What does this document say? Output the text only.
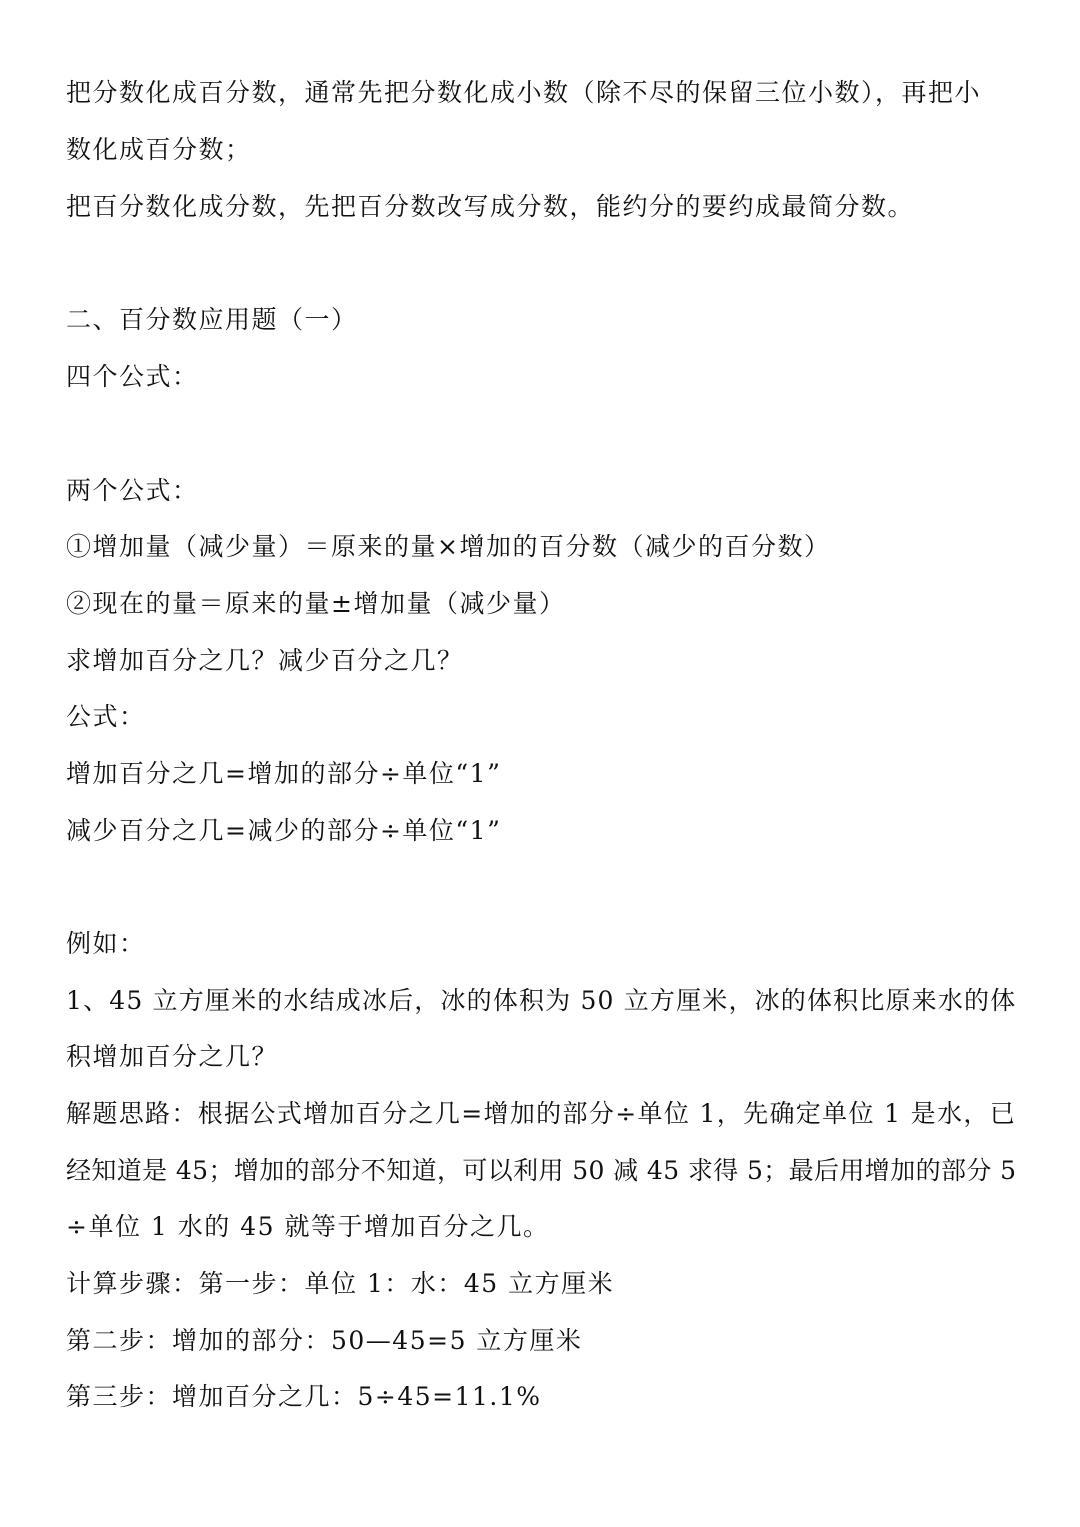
把分数化成百分数，通常先把分数化成小数（除不尽的保留三位小数），再把小
数化成百分数；
把百分数化成分数，先把百分数改写成分数，能约分的要约成最简分数。
二、百分数应用题（一）
四个公式：
两个公式：
①增加量（减少量）＝原来的量×增加的百分数（减少的百分数）
②现在的量＝原来的量±增加量（减少量）
求增加百分之几？减少百分之几？
公式：
增加百分之几=增加的部分÷单位“1”
减少百分之几=减少的部分÷单位“1”
例如：
1、45 立方厘米的水结成冰后，冰的体积为 50 立方厘米，冰的体积比原来水的体
积增加百分之几？
解题思路：根据公式增加百分之几=增加的部分÷单位 1，先确定单位 1 是水，已
经知道是 45；增加的部分不知道，可以利用 50 减 45 求得 5；最后用增加的部分 5
÷单位 1 水的 45 就等于增加百分之几。
计算步骤：第一步：单位 1：水：45 立方厘米
第二步：增加的部分：50—45=5 立方厘米
第三步：增加百分之几：5÷45=11.1%
